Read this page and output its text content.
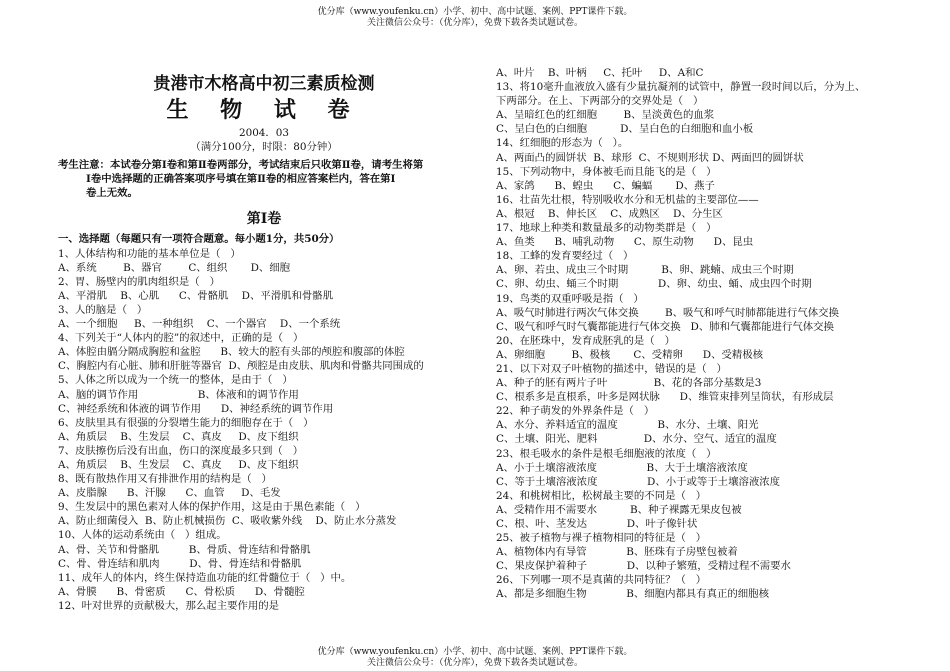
优分库（www.youfenku.cn）小学、初中、高中试题、案例、PPT课件下载。
关注微信公众号：（优分库），免费下载各类试题试卷。
贵港市木格高中初三素质检测
生 物 试 卷
2004．03
（满分100分，时限：80分钟）
考生注意：本试卷分第Ⅰ卷和第Ⅱ卷两部分，考试结束后只收第Ⅱ卷，请考生将第
Ⅰ卷中选择题的正确答案项序号填在第Ⅱ卷的相应答案栏内，答在第Ⅰ
卷上无效。
第Ⅰ卷
一、选择题（每题只有一项符合题意。每小题1分，共50分）
1、人体结构和功能的基本单位是（   ）
A、系统        B、器官        C、组织       D、细胞
2、胃、肠壁内的肌肉组织是（   ）
A、平滑肌    B、心肌      C、骨骼肌    D、平滑肌和骨骼肌
3、人的脑是（   ）
A、一个细胞     B、一种组织    C、一个器官    D、一个系统
4、下列关于“人体内的腔”的叙述中，正确的是（   ）
A、体腔由膈分隔成胸腔和盆腔      B、较大的腔有头部的颅腔和腹部的体腔
C、胸腔内有心脏、肺和肝脏等器官  D、颅腔是由皮肤、肌肉和骨骼共同围成的
5、人体之所以成为一个统一的整体，是由于（   ）
A、脑的调节作用                  B、体液和的调节作用
C、神经系统和体液的调节作用      D、神经系统的调节作用
6、皮肤里具有很强的分裂增生能力的细胞存在于（   ）
A、角质层    B、生发层    C、真皮     D、皮下组织
7、皮肤擦伤后没有出血，伤口的深度最多只到（   ）
A、角质层    B、生发层    C、真皮     D、皮下组织
8、既有散热作用又有排泄作用的结构是（   ）
A、皮脂腺      B、汗腺      C、血管     D、毛发
9、生发层中的黑色素对人体的保护作用，这是由于黑色素能（   ）
A、防止细菌侵入  B、防止机械损伤  C、吸收紫外线    D、防止水分蒸发
10、人体的运动系统由（   ）组成。
A、骨、关节和骨骼肌         B、骨质、骨连结和骨骼肌
C、骨、骨连结和肌肉         D、骨、骨连结和骨骼肌
11、成年人的体内，终生保持造血功能的红骨髓位于（   ）中。
A、骨膜      B、骨密质      C、骨松质      D、骨髓腔
12、叶对世界的贡献极大，那么起主要作用的是
A、叶片    B、叶柄     C、托叶     D、A和C
13、将10毫升血液放入盛有少量抗凝剂的试管中，静置一段时间以后，分为上、
下两部分。在上、下两部分的交界处是（   ）
A、呈暗红色的红细胞        B、呈淡黄色的血浆
C、呈白色的白细胞          D、呈白色的白细胞和血小板
14、红细胞的形态为（   ）。
A、两面凸的圆饼状  B、球形  C、不规则形状 D、两面凹的圆饼状
15、下列动物中，身体被毛而且能飞的是（   ）
A、家鸽      B、蝗虫      C、蝙蝠       D、燕子
16、壮苗先壮根，特别吸收水分和无机盐的主要部位——
A、根冠    B、伸长区    C、成熟区    D、分生区
17、地球上种类和数量最多的动物类群是（   ）
A、鱼类      B、哺乳动物      C、原生动物      D、昆虫
18、工蜂的发育要经过（   ）
A、卵、若虫、成虫三个时期          B、卵、跳蝻、成虫三个时期
C、卵、幼虫、蛹三个时期            D、卵、幼虫、蛹、成虫四个时期
19、鸟类的双重呼吸是指（   ）
A、吸气时肺进行两次气体交换        B、吸气和呼气时肺都能进行气体交换
C、吸气和呼气时气囊都能进行气体交换   D、肺和气囊都能进行气体交换
20、在胚珠中，发育成胚乳的是（   ）
A、卵细胞        B、极核       C、受精卵      D、受精极核
21、以下对双子叶植物的描述中，错误的是（   ）
A、种子的胚有两片子叶              B、花的各部分基数是3
C、根系多是直根系，叶多是网状脉      D、维管束排列呈筒状，有形成层
22、种子萌发的外界条件是（   ）
A、水分、养料适宜的温度            B、水分、土壤、阳光
C、土壤、阳光、肥料              D、水分、空气、适宜的温度
23、根毛吸水的条件是根毛细胞液的浓度（   ）
A、小于土壤溶液浓度               B、大于土壤溶液浓度
C、等于土壤溶液浓度               D、小于或等于土壤溶液浓度
24、和桃树相比，松树最主要的不同是（   ）
A、受精作用不需要水          B、种子裸露无果皮包被
C、根、叶、茎发达            D、叶子像针状
25、被子植物与裸子植物相同的特征是（   ）
A、植物体内有导管            B、胚珠有子房壁包被着
C、果皮保护着种子            D、以种子繁殖，受精过程不需要水
26、下列哪一项不是真菌的共同特征？（   ）
A、都是多细胞生物            B、细胞内都具有真正的细胞核
优分库（www.youfenku.cn）小学、初中、高中试题、案例、PPT课件下载。
关注微信公众号：（优分库），免费下载各类试题试卷。
